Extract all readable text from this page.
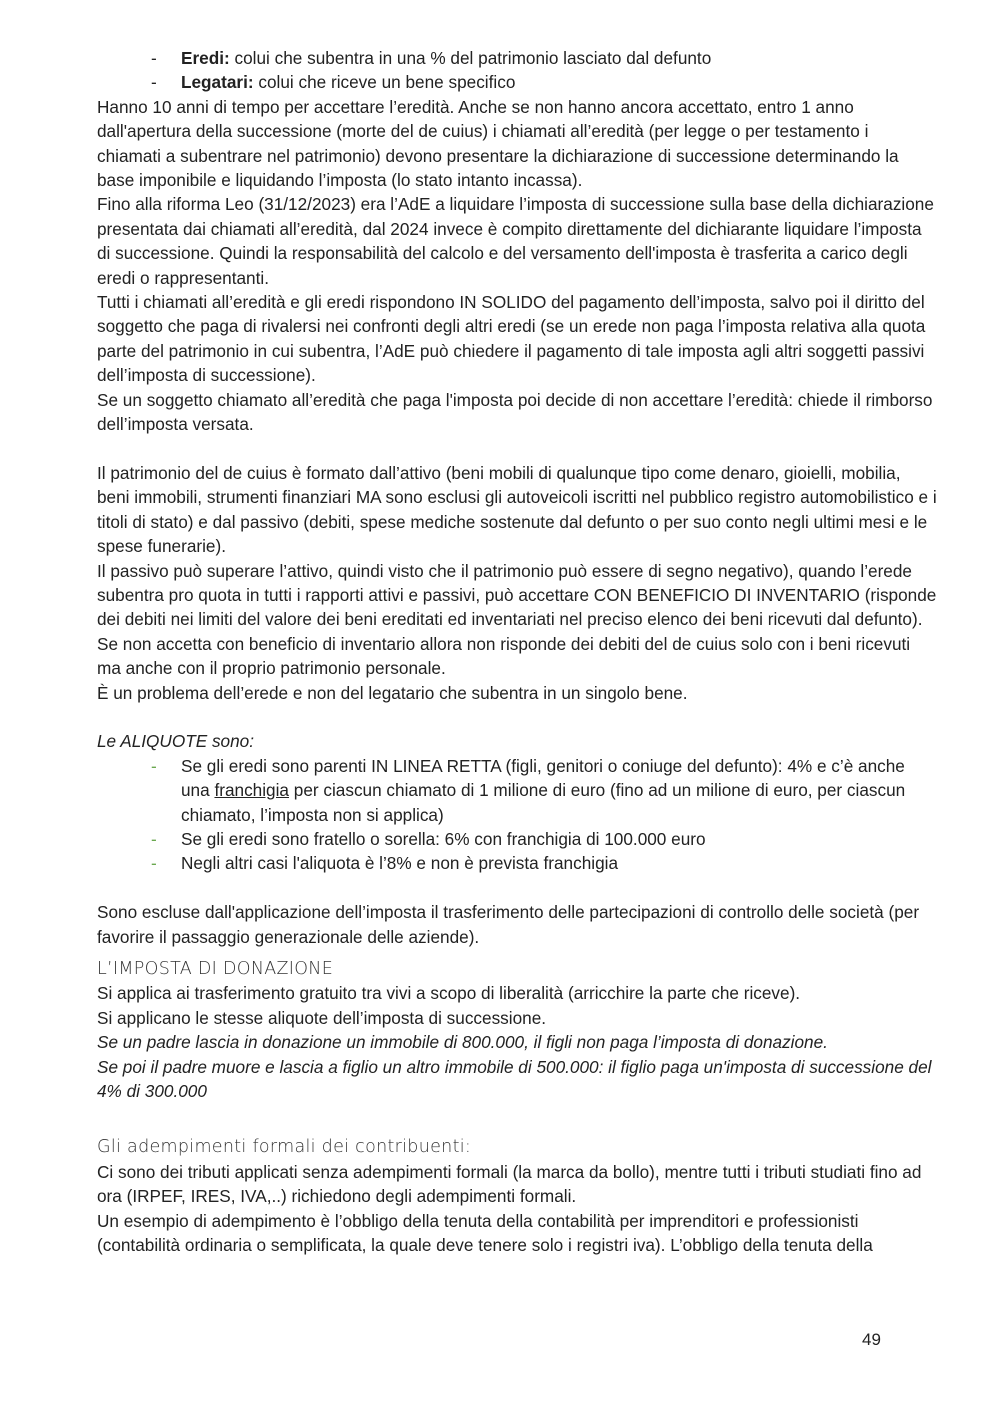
- Eredi: colui che subentra in una % del patrimonio lasciato dal defunto
- Legatari: colui che riceve un bene specifico

Hanno 10 anni di tempo per accettare l’eredità. Anche se non hanno ancora accettato, entro 1 anno dall'apertura della successione (morte del de cuius) i chiamati all’eredità (per legge o per testamento i chiamati a subentrare nel patrimonio) devono presentare la dichiarazione di successione determinando la base imponibile e liquidando l’imposta (lo stato intanto incassa).

Fino alla riforma Leo (31/12/2023) era l’AdE a liquidare l’imposta di successione sulla base della dichiarazione presentata dai chiamati all’eredità, dal 2024 invece è compito direttamente del dichiarante liquidare l’imposta di successione. Quindi la responsabilità del calcolo e del versamento dell'imposta è trasferita a carico degli eredi o rappresentanti.

Tutti i chiamati all’eredità e gli eredi rispondono IN SOLIDO del pagamento dell’imposta, salvo poi il diritto del soggetto che paga di rivalersi nei confronti degli altri eredi (se un erede non paga l’imposta relativa alla quota parte del patrimonio in cui subentra, l’AdE può chiedere il pagamento di tale imposta agli altri soggetti passivi dell’imposta di successione).

Se un soggetto chiamato all’eredità che paga l'imposta poi decide di non accettare l’eredità: chiede il rimborso dell’imposta versata.

Il patrimonio del de cuius è formato dall’attivo (beni mobili di qualunque tipo come denaro, gioielli, mobilia, beni immobili, strumenti finanziari MA sono esclusi gli autoveicoli iscritti nel pubblico registro automobilistico e i titoli di stato) e dal passivo (debiti, spese mediche sostenute dal defunto o per suo conto negli ultimi mesi e le spese funerarie).

Il passivo può superare l’attivo, quindi visto che il patrimonio può essere di segno negativo), quando l’erede subentra pro quota in tutti i rapporti attivi e passivi, può accettare CON BENEFICIO DI INVENTARIO (risponde dei debiti nei limiti del valore dei beni ereditati ed inventariati nel preciso elenco dei beni ricevuti dal defunto).

Se non accetta con beneficio di inventario allora non risponde dei debiti del de cuius solo con i beni ricevuti ma anche con il proprio patrimonio personale.

È un problema dell’erede e non del legatario che subentra in un singolo bene.

Le ALIQUOTE sono:

- Se gli eredi sono parenti IN LINEA RETTA (figli, genitori o coniuge del defunto): 4% e c’è anche una franchigia per ciascun chiamato di 1 milione di euro (fino ad un milione di euro, per ciascun chiamato, l’imposta non si applica)
- Se gli eredi sono fratello o sorella: 6% con franchigia di 100.000 euro
- Negli altri casi l'aliquota è l’8% e non è prevista franchigia

Sono escluse dall'applicazione dell’imposta il trasferimento delle partecipazioni di controllo delle società (per favorire il passaggio generazionale delle aziende).

L’IMPOSTA DI DONAZIONE

Si applica ai trasferimento gratuito tra vivi a scopo di liberalità (arricchire la parte che riceve).

Si applicano le stesse aliquote dell’imposta di successione.

Se un padre lascia in donazione un immobile di 800.000, il figli non paga l’imposta di donazione.

Se poi il padre muore e lascia a figlio un altro immobile di 500.000: il figlio paga un'imposta di successione del 4% di 300.000

Gli adempimenti formali dei contribuenti:

Ci sono dei tributi applicati senza adempimenti formali (la marca da bollo), mentre tutti i tributi studiati fino ad ora (IRPEF, IRES, IVA,..) richiedono degli adempimenti formali.

Un esempio di adempimento è l’obbligo della tenuta della contabilità per imprenditori e professionisti (contabilità ordinaria o semplificata, la quale deve tenere solo i registri iva). L’obbligo della tenuta della

49
